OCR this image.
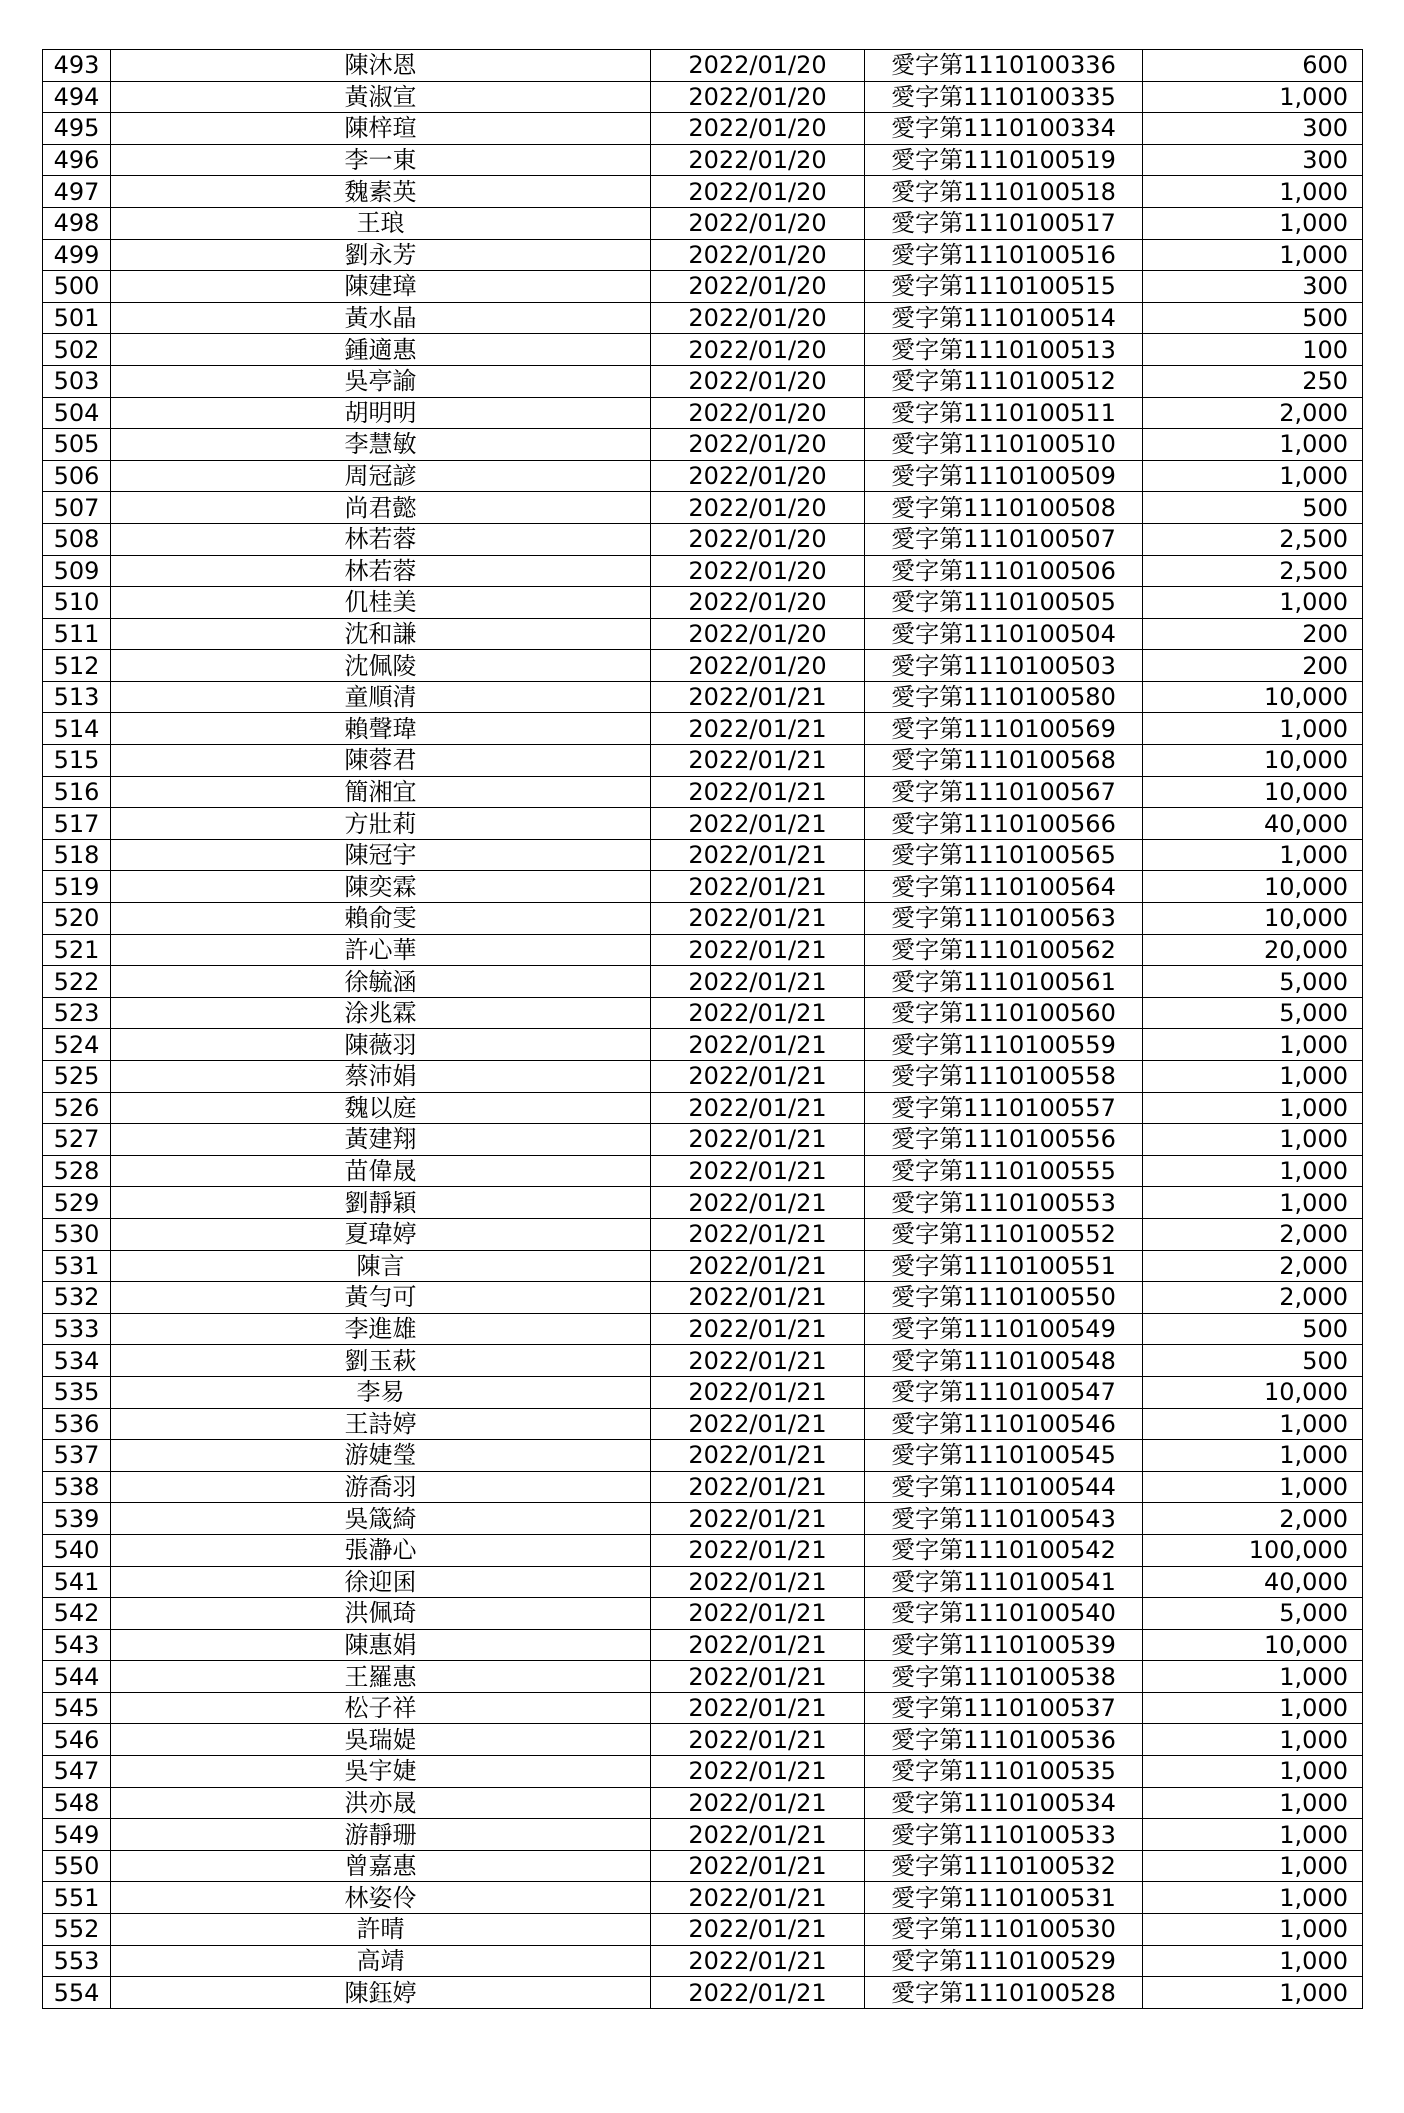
493	陳沐恩	2022/01/20	愛字第1110100336	600
494	黃淑宣	2022/01/20	愛字第1110100335	1,000
495	陳梓瑄	2022/01/20	愛字第1110100334	300
496	李一東	2022/01/20	愛字第1110100519	300
497	魏素英	2022/01/20	愛字第1110100518	1,000
498	王琅	2022/01/20	愛字第1110100517	1,000
499	劉永芳	2022/01/20	愛字第1110100516	1,000
500	陳建璋	2022/01/20	愛字第1110100515	300
501	黃水晶	2022/01/20	愛字第1110100514	500
502	鍾適惠	2022/01/20	愛字第1110100513	100
503	吳亭諭	2022/01/20	愛字第1110100512	250
504	胡明明	2022/01/20	愛字第1110100511	2,000
505	李慧敏	2022/01/20	愛字第1110100510	1,000
506	周冠諺	2022/01/20	愛字第1110100509	1,000
507	尚君懿	2022/01/20	愛字第1110100508	500
508	林若蓉	2022/01/20	愛字第1110100507	2,500
509	林若蓉	2022/01/20	愛字第1110100506	2,500
510	仉桂美	2022/01/20	愛字第1110100505	1,000
511	沈和謙	2022/01/20	愛字第1110100504	200
512	沈佩陵	2022/01/20	愛字第1110100503	200
513	童順清	2022/01/21	愛字第1110100580	10,000
514	賴聲瑋	2022/01/21	愛字第1110100569	1,000
515	陳蓉君	2022/01/21	愛字第1110100568	10,000
516	簡湘宜	2022/01/21	愛字第1110100567	10,000
517	方壯莉	2022/01/21	愛字第1110100566	40,000
518	陳冠宇	2022/01/21	愛字第1110100565	1,000
519	陳奕霖	2022/01/21	愛字第1110100564	10,000
520	賴俞雯	2022/01/21	愛字第1110100563	10,000
521	許心華	2022/01/21	愛字第1110100562	20,000
522	徐毓涵	2022/01/21	愛字第1110100561	5,000
523	涂兆霖	2022/01/21	愛字第1110100560	5,000
524	陳薇羽	2022/01/21	愛字第1110100559	1,000
525	蔡沛娟	2022/01/21	愛字第1110100558	1,000
526	魏以庭	2022/01/21	愛字第1110100557	1,000
527	黃建翔	2022/01/21	愛字第1110100556	1,000
528	苗偉晟	2022/01/21	愛字第1110100555	1,000
529	劉靜穎	2022/01/21	愛字第1110100553	1,000
530	夏瑋婷	2022/01/21	愛字第1110100552	2,000
531	陳言	2022/01/21	愛字第1110100551	2,000
532	黃勻可	2022/01/21	愛字第1110100550	2,000
533	李進雄	2022/01/21	愛字第1110100549	500
534	劉玉萩	2022/01/21	愛字第1110100548	500
535	李易	2022/01/21	愛字第1110100547	10,000
536	王詩婷	2022/01/21	愛字第1110100546	1,000
537	游婕瑩	2022/01/21	愛字第1110100545	1,000
538	游喬羽	2022/01/21	愛字第1110100544	1,000
539	吳箴綺	2022/01/21	愛字第1110100543	2,000
540	張瀞心	2022/01/21	愛字第1110100542	100,000
541	徐迎囷	2022/01/21	愛字第1110100541	40,000
542	洪佩琦	2022/01/21	愛字第1110100540	5,000
543	陳惠娟	2022/01/21	愛字第1110100539	10,000
544	王羅惠	2022/01/21	愛字第1110100538	1,000
545	松子祥	2022/01/21	愛字第1110100537	1,000
546	吳瑞媞	2022/01/21	愛字第1110100536	1,000
547	吳宇婕	2022/01/21	愛字第1110100535	1,000
548	洪亦晟	2022/01/21	愛字第1110100534	1,000
549	游靜珊	2022/01/21	愛字第1110100533	1,000
550	曾嘉惠	2022/01/21	愛字第1110100532	1,000
551	林姿伶	2022/01/21	愛字第1110100531	1,000
552	許晴	2022/01/21	愛字第1110100530	1,000
553	高靖	2022/01/21	愛字第1110100529	1,000
554	陳鈺婷	2022/01/21	愛字第1110100528	1,000
